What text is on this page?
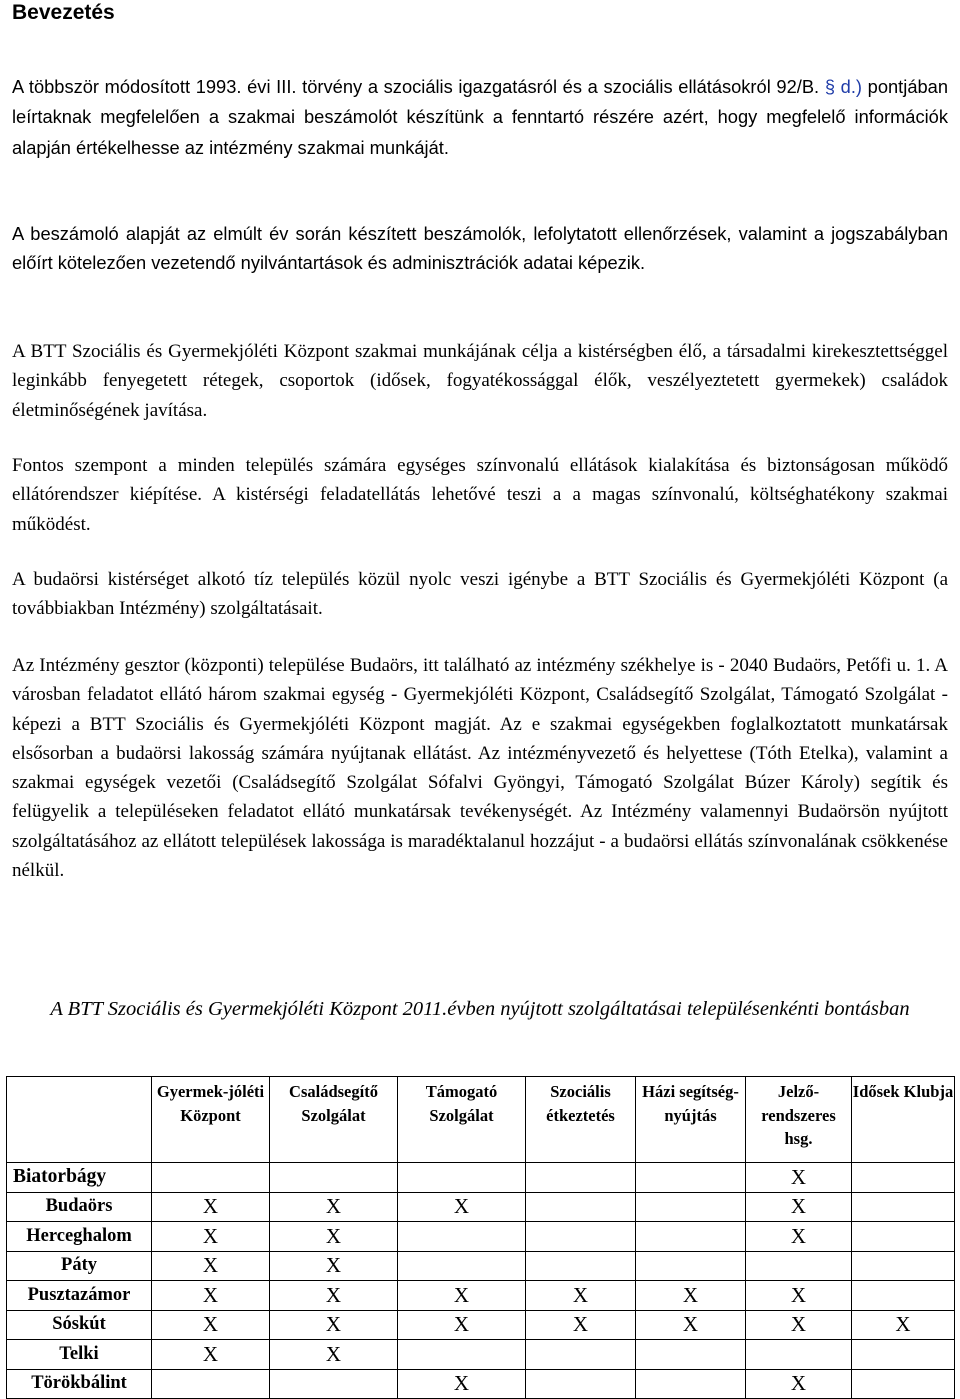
Bevezetés
A többször módosított 1993. évi III. törvény a szociális igazgatásról és a szociális ellátásokról 92/B. § d.) pontjában leírtaknak megfelelően a szakmai beszámolót készítünk a fenntartó részére azért, hogy megfelelő információk alapján értékelhesse az intézmény szakmai munkáját.
A beszámoló alapját az elmúlt év során készített beszámolók, lefolytatott ellenőrzések, valamint a jogszabályban előírt kötelezően vezetendő nyilvántartások és adminisztrációk adatai képezik.
A BTT Szociális és Gyermekjóléti Központ szakmai munkájának célja a kistérségben élő, a társadalmi kirekesztettséggel leginkább fenyegetett rétegek, csoportok (idősek, fogyatékossággal élők, veszélyeztetett gyermekek) családok életminőségének javítása.
Fontos szempont a minden település számára egységes színvonalú ellátások kialakítása és biztonságosan működő ellátórendszer kiépítése. A kistérségi feladatellátás lehetővé teszi a a magas színvonalú, költséghatékony szakmai működést.
A budaörsi kistérséget alkotó tíz település közül nyolc veszi igénybe a BTT Szociális és Gyermekjóléti Központ (a továbbiakban Intézmény) szolgáltatásait.
Az Intézmény gesztor (központi) települése Budaörs, itt található az intézmény székhelye is - 2040 Budaörs, Petőfi u. 1. A városban feladatot ellátó három szakmai egység - Gyermekjóléti Központ, Családsegítő Szolgálat, Támogató Szolgálat - képezi a BTT Szociális és Gyermekjóléti Központ magját. Az e szakmai egységekben foglalkoztatott munkatársak elsősorban a budaörsi lakosság számára nyújtanak ellátást. Az intézményvezető és helyettese (Tóth Etelka), valamint a szakmai egységek vezetői (Családsegítő Szolgálat Sófalvi Gyöngyi, Támogató Szolgálat Búzer Károly) segítik és felügyelik a településeken feladatot ellátó munkatársak tevékenységét. Az Intézmény valamennyi Budaörsön nyújtott szolgáltatásához az ellátott települések lakossága is maradéktalanul hozzájut - a budaörsi ellátás színvonalának csökkenése nélkül.
A BTT Szociális és Gyermekjóléti Központ 2011.évben nyújtott szolgáltatásai településenkénti bontásban
	Gyermek-jóléti Központ	Családsegítő Szolgálat	Támogató Szolgálat	Szociális étkeztetés	Házi segítség-nyújtás	Jelző-rendszeres hsg.	Idősek Klubja
Biatorbágy						X	
Budaörs	X	X	X			X	
Herceghalom	X	X				X	
Páty	X	X					
Pusztazámor	X	X	X	X	X	X	
Sóskút	X	X	X	X	X	X	X
Telki	X	X					
Törökbálint			X			X	
